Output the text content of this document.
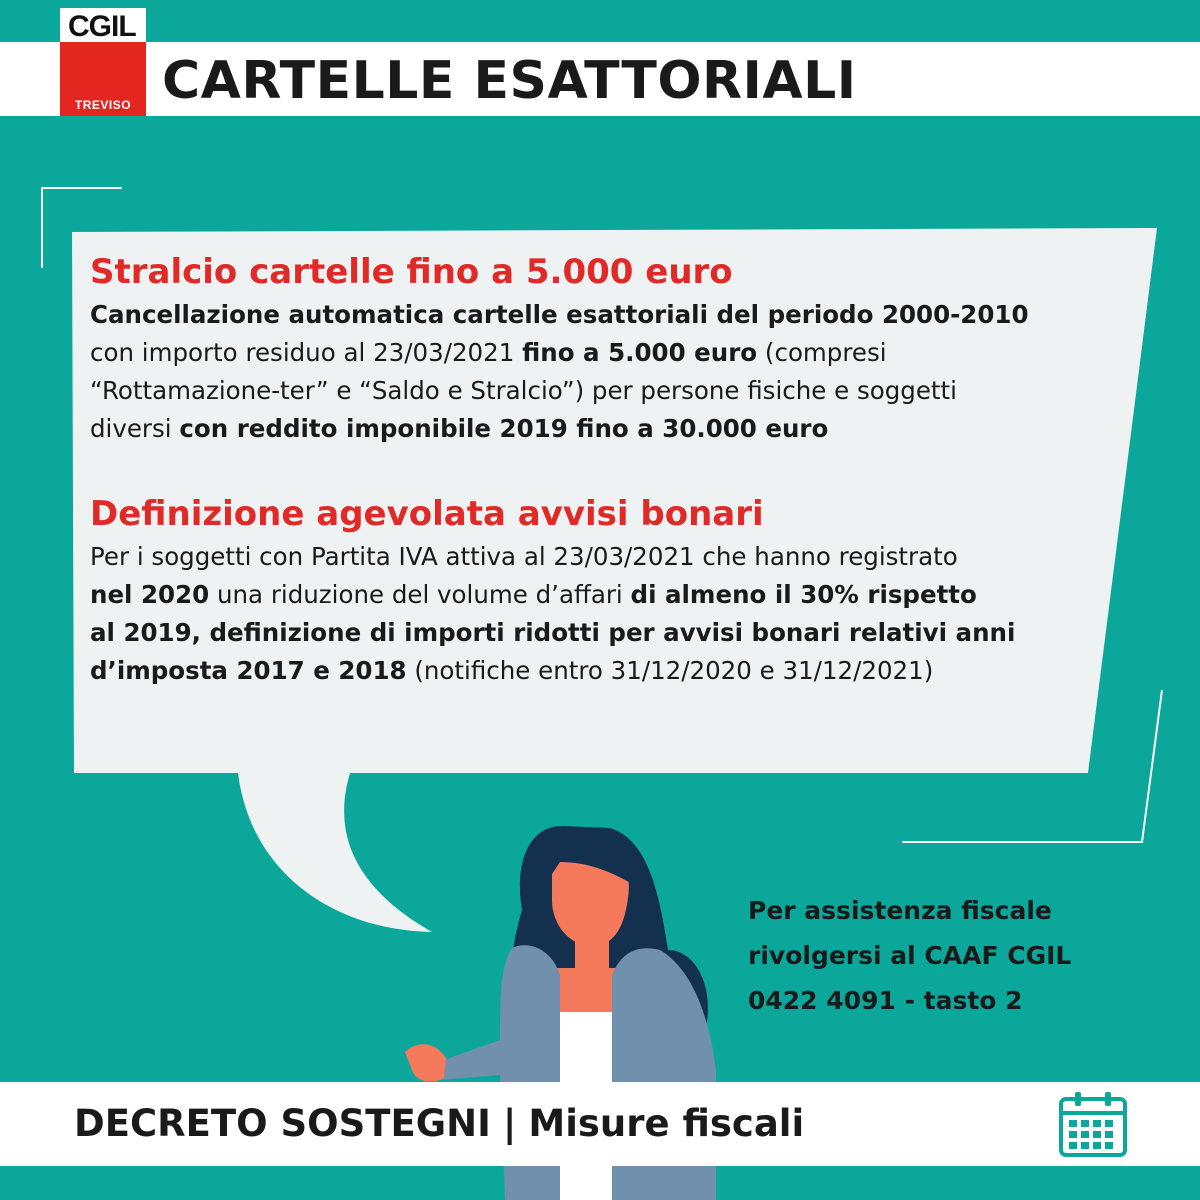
CGIL
TREVISO CARTELLE ESATTORIALI
Stralcio cartelle fino a 5.000 euro

Cancellazione automatica cartelle esattoriali del periodo 2000-2010
con importo residuo al 23/03/2021 fino a 5.000 euro (compresi
“Rottamazione-ter” e “Saldo e Stralcio”) per persone fisiche e soggetti
diversi con reddito imponibile 2019 fino a 30.000 euro

Definizione agevolata avvisi bonari

Per i soggetti con Partita IVA attiva al 23/03/2021 che hanno registrato
nel 2020 una riduzione del volume d’affari di almeno il 30% rispetto
al 2019, definizione di importi ridotti per avvisi bonari relativi anni
d’imposta 2017 e 2018 (notifiche entro 31/12/2020 e 31/12/2021)

Per assistenza fiscale
rivolgersi al CAAF CGIL
0422 4091 - tasto 2
DECRETO SOSTEGNI | Misure fiscali
